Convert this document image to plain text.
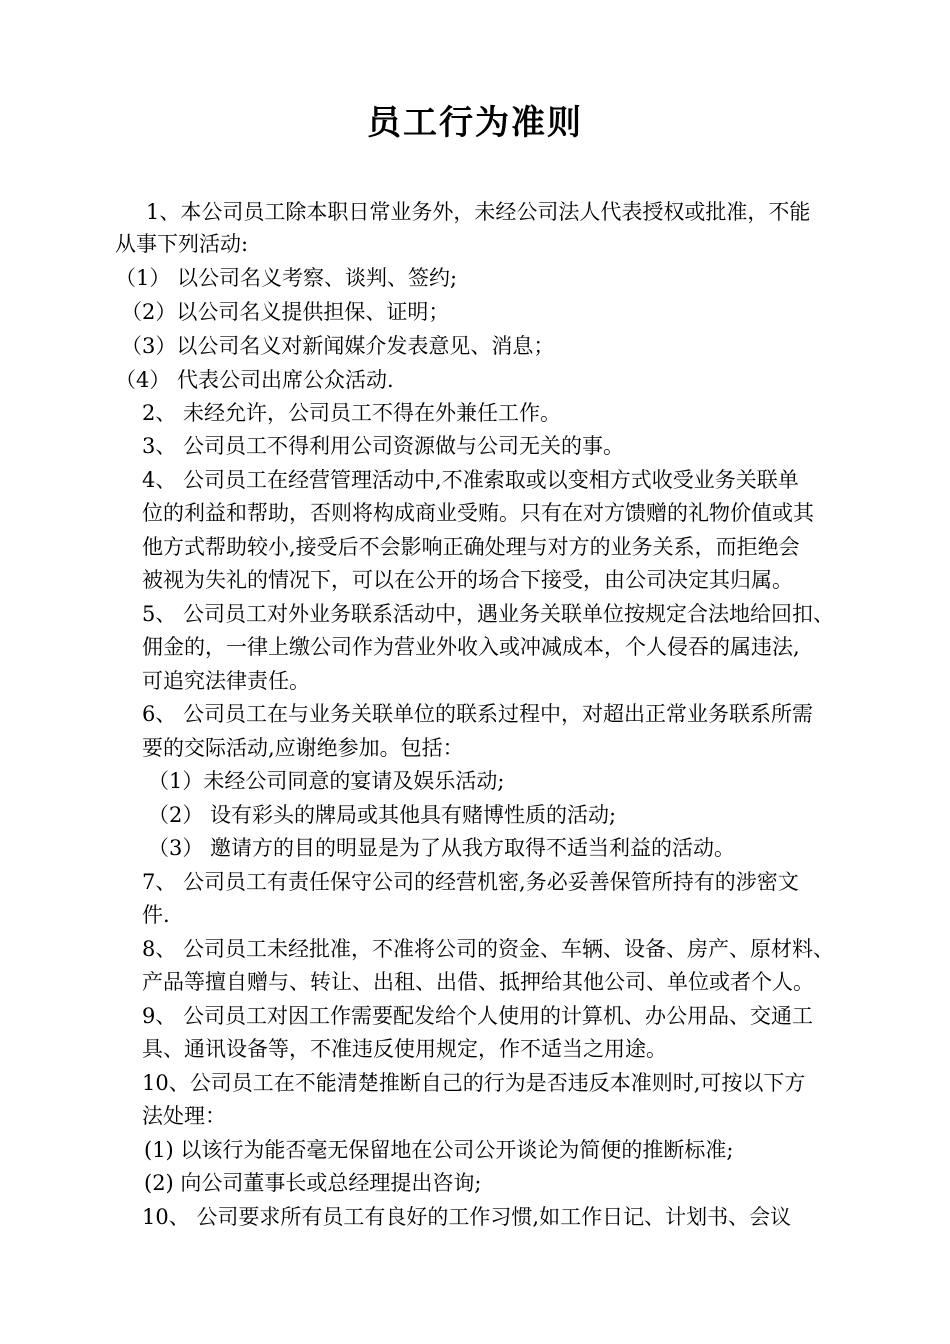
员工行为准则
1、本公司员工除本职日常业务外，未经公司法人代表授权或批准，不能
从事下列活动:
（1） 以公司名义考察、谈判、签约;
（2）以公司名义提供担保、证明；
（3）以公司名义对新闻媒介发表意见、消息；
（4） 代表公司出席公众活动.
2、 未经允许，公司员工不得在外兼任工作。
3、 公司员工不得利用公司资源做与公司无关的事。
4、 公司员工在经营管理活动中,不准索取或以变相方式收受业务关联单
位的利益和帮助，否则将构成商业受贿。只有在对方馈赠的礼物价值或其
他方式帮助较小,接受后不会影响正确处理与对方的业务关系，而拒绝会
被视为失礼的情况下，可以在公开的场合下接受，由公司决定其归属。
5、 公司员工对外业务联系活动中，遇业务关联单位按规定合法地给回扣、
佣金的，一律上缴公司作为营业外收入或冲减成本，个人侵吞的属违法,
可追究法律责任。
6、 公司员工在与业务关联单位的联系过程中，对超出正常业务联系所需
要的交际活动,应谢绝参加。包括：
（1）未经公司同意的宴请及娱乐活动;
（2） 设有彩头的牌局或其他具有赌博性质的活动;
（3） 邀请方的目的明显是为了从我方取得不适当利益的活动。
7、 公司员工有责任保守公司的经营机密,务必妥善保管所持有的涉密文
件.
8、 公司员工未经批准，不准将公司的资金、车辆、设备、房产、原材料、
产品等擅自赠与、转让、出租、出借、抵押给其他公司、单位或者个人。
9、 公司员工对因工作需要配发给个人使用的计算机、办公用品、交通工
具、通讯设备等，不准违反使用规定，作不适当之用途。
10、公司员工在不能清楚推断自己的行为是否违反本准则时,可按以下方
法处理：
(1) 以该行为能否毫无保留地在公司公开谈论为简便的推断标准;
(2) 向公司董事长或总经理提出咨询;
10、 公司要求所有员工有良好的工作习惯,如工作日记、计划书、会议
